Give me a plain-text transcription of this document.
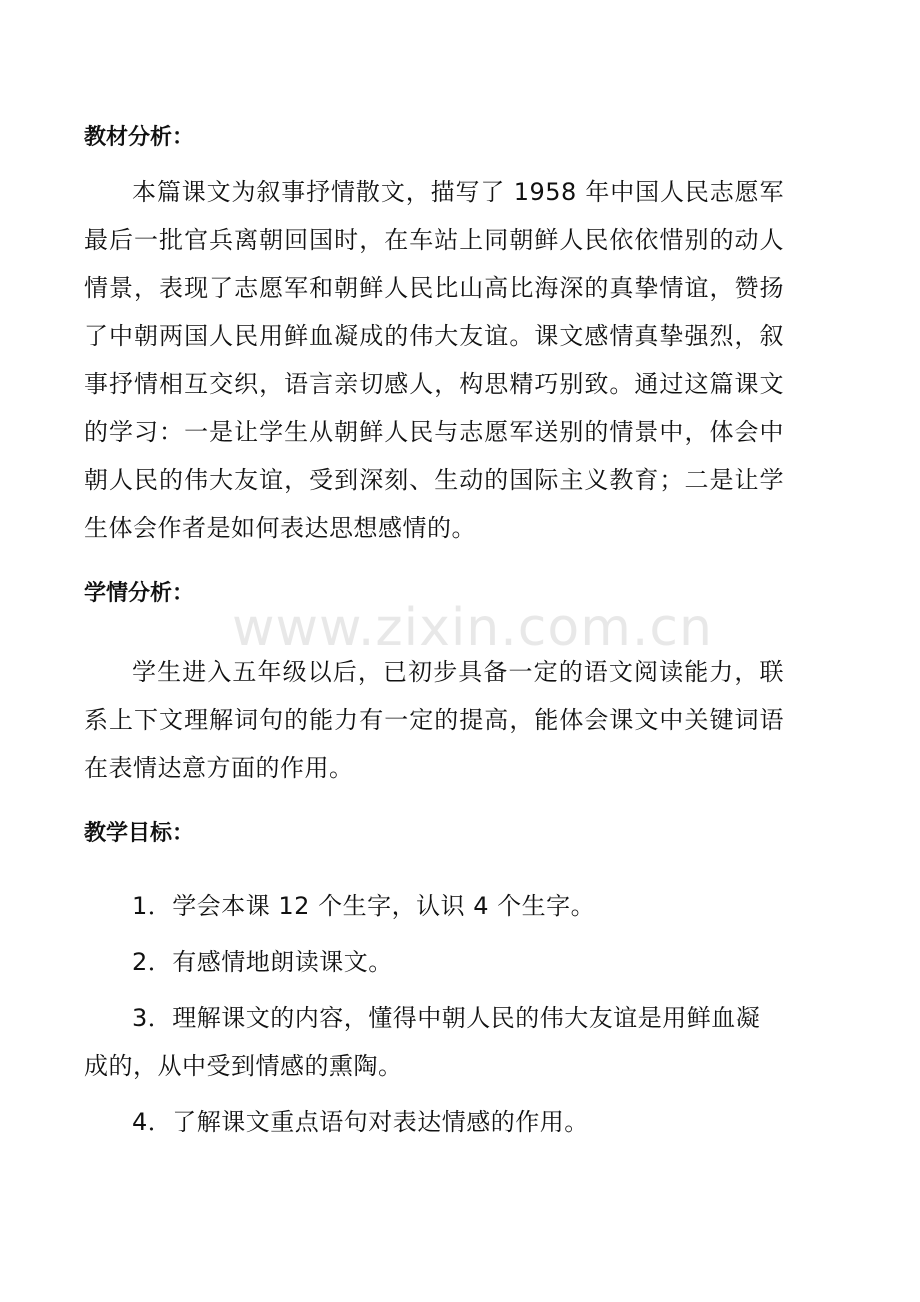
教材分析：

本篇课文为叙事抒情散文，描写了 1958 年中国人民志愿军最后一批官兵离朝回国时，在车站上同朝鲜人民依依惜别的动人情景，表现了志愿军和朝鲜人民比山高比海深的真挚情谊，赞扬了中朝两国人民用鲜血凝成的伟大友谊。课文感情真挚强烈，叙事抒情相互交织，语言亲切感人，构思精巧别致。通过这篇课文的学习：一是让学生从朝鲜人民与志愿军送别的情景中，体会中朝人民的伟大友谊，受到深刻、生动的国际主义教育；二是让学生体会作者是如何表达思想感情的。

学情分析：

学生进入五年级以后，已初步具备一定的语文阅读能力，联系上下文理解词句的能力有一定的提高，能体会课文中关键词语在表情达意方面的作用。

教学目标：

1．学会本课 12 个生字，认识 4 个生字。

2．有感情地朗读课文。

3．理解课文的内容，懂得中朝人民的伟大友谊是用鲜血凝成的，从中受到情感的熏陶。

4．了解课文重点语句对表达情感的作用。

www.zixin.com.cn
